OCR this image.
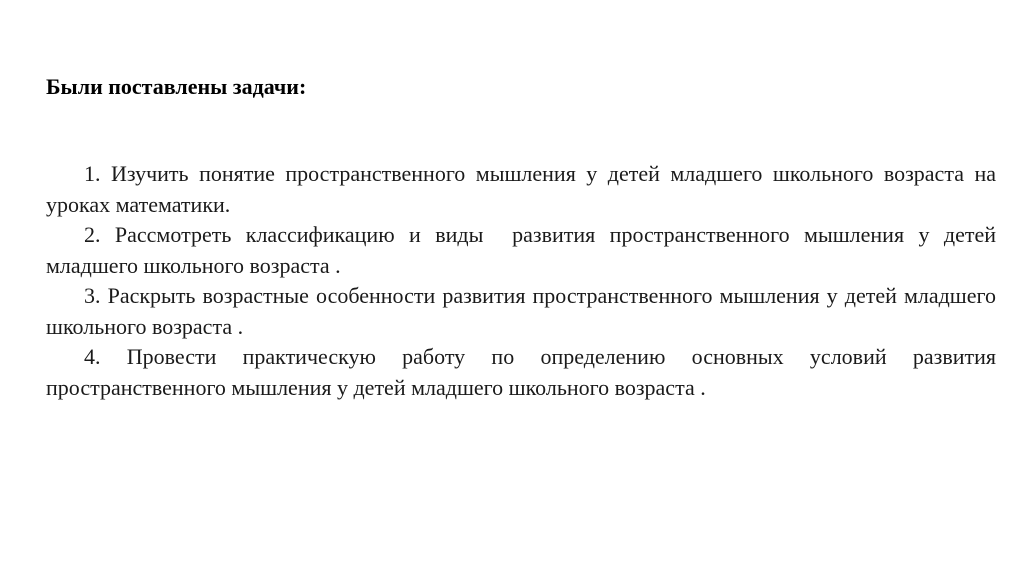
Были поставлены задачи:

1. Изучить понятие пространственного мышления у детей младшего школьного возраста на уроках математики.

2. Рассмотреть классификацию и виды  развития пространственного мышления у детей младшего школьного возраста .

3. Раскрыть возрастные особенности развития пространственного мышления у детей младшего школьного возраста .

4. Провести практическую работу по определению основных условий развития пространственного мышления у детей младшего школьного возраста .
